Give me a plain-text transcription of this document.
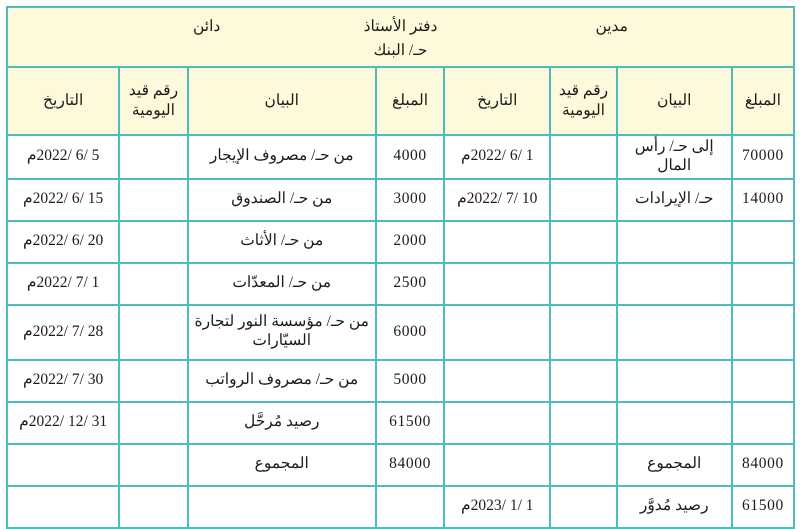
مدين
دفتر الأستاذ
حـ/ البنك
دائن							

المبلغ	البيان	رقم قيد اليومية	التاريخ	المبلغ	البيان	رقم قيد اليومية	التاريخ
70000	إلى حـ/ رأس المال		1 /6 /2022م	4000	من حـ/ مصروف الإيجار		5 /6 /2022م
14000	حـ/ الإيرادات		10 /7 /2022م	3000	من حـ/ الصندوق		15 /6 /2022م
				2000	من حـ/ الأثاث		20 /6 /2022م
				2500	من حـ/ المعدّات		1 /7 /2022م
				6000	من حـ/ مؤسسة النور لتجارة السيّارات		28 /7 /2022م
				5000	من حـ/ مصروف الرواتب		30 /7 /2022م
				61500	رصيد مُرحَّل		31 /12 /2022م
84000	المجموع			84000	المجموع		
61500	رصيد مُدوَّر		1 /1 /2023م				
